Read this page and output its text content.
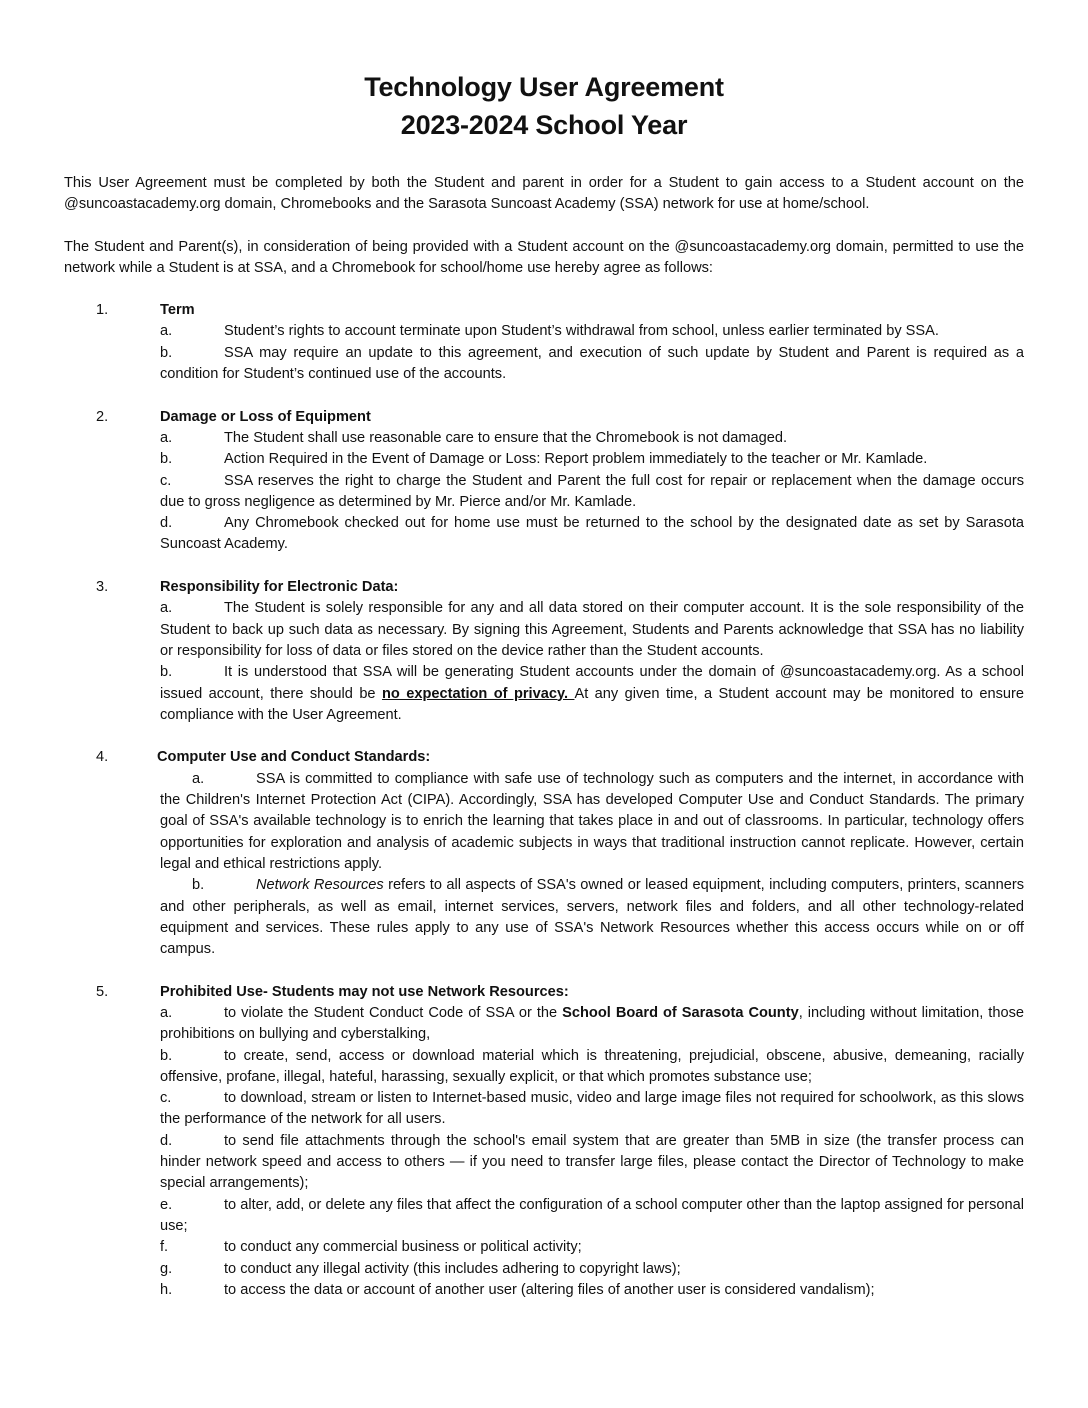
Technology User Agreement
2023-2024 School Year

This User Agreement must be completed by both the Student and parent in order for a Student to gain access to a Student account on the @suncoastacademy.org domain, Chromebooks and the Sarasota Suncoast Academy (SSA) network for use at home/school.

The Student and Parent(s), in consideration of being provided with a Student account on the @suncoastacademy.org domain, permitted to use the network while a Student is at SSA, and a Chromebook for school/home use hereby agree as follows:

1.	Term

a.	Student’s rights to account terminate upon Student’s withdrawal from school, unless earlier terminated by SSA.

b.	SSA may require an update to this agreement, and execution of such update by Student and Parent is required as a condition for Student’s continued use of the accounts.

2.	Damage or Loss of Equipment

a.	The Student shall use reasonable care to ensure that the Chromebook is not damaged.

b.	Action Required in the Event of Damage or Loss: Report problem immediately to the teacher or Mr. Kamlade.

c.	SSA reserves the right to charge the Student and Parent the full cost for repair or replacement when the damage occurs due to gross negligence as determined by Mr. Pierce and/or Mr. Kamlade.

d.	Any Chromebook checked out for home use must be returned to the school by the designated date as set by Sarasota Suncoast Academy.

3.	Responsibility for Electronic Data:

a.	The Student is solely responsible for any and all data stored on their computer account. It is the sole responsibility of the Student to back up such data as necessary. By signing this Agreement, Students and Parents acknowledge that SSA has no liability or responsibility for loss of data or files stored on the device rather than the Student accounts.

b.	It is understood that SSA will be generating Student accounts under the domain of @suncoastacademy.org. As a school issued account, there should be no expectation of privacy. At any given time, a Student account may be monitored to ensure compliance with the User Agreement.

4.	Computer Use and Conduct Standards:

a.	SSA is committed to compliance with safe use of technology such as computers and the internet, in accordance with the Children's Internet Protection Act (CIPA). Accordingly, SSA has developed Computer Use and Conduct Standards. The primary goal of SSA's available technology is to enrich the learning that takes place in and out of classrooms. In particular, technology offers opportunities for exploration and analysis of academic subjects in ways that traditional instruction cannot replicate. However, certain legal and ethical restrictions apply.

b.	Network Resources refers to all aspects of SSA's owned or leased equipment, including computers, printers, scanners and other peripherals, as well as email, internet services, servers, network files and folders, and all other technology-related equipment and services. These rules apply to any use of SSA's Network Resources whether this access occurs while on or off campus.

5.	Prohibited Use- Students may not use Network Resources:

a.	to violate the Student Conduct Code of SSA or the School Board of Sarasota County, including without limitation, those prohibitions on bullying and cyberstalking,

b.	to create, send, access or download material which is threatening, prejudicial, obscene, abusive, demeaning, racially offensive, profane, illegal, hateful, harassing, sexually explicit, or that which promotes substance use;

c.	to download, stream or listen to Internet-based music, video and large image files not required for schoolwork, as this slows the performance of the network for all users.

d.	to send file attachments through the school's email system that are greater than 5MB in size (the transfer process can hinder network speed and access to others — if you need to transfer large files, please contact the Director of Technology to make special arrangements);

e.	to alter, add, or delete any files that affect the configuration of a school computer other than the laptop assigned for personal use;

f.	to conduct any commercial business or political activity;

g.	to conduct any illegal activity (this includes adhering to copyright laws);

h.	to access the data or account of another user (altering files of another user is considered vandalism);
